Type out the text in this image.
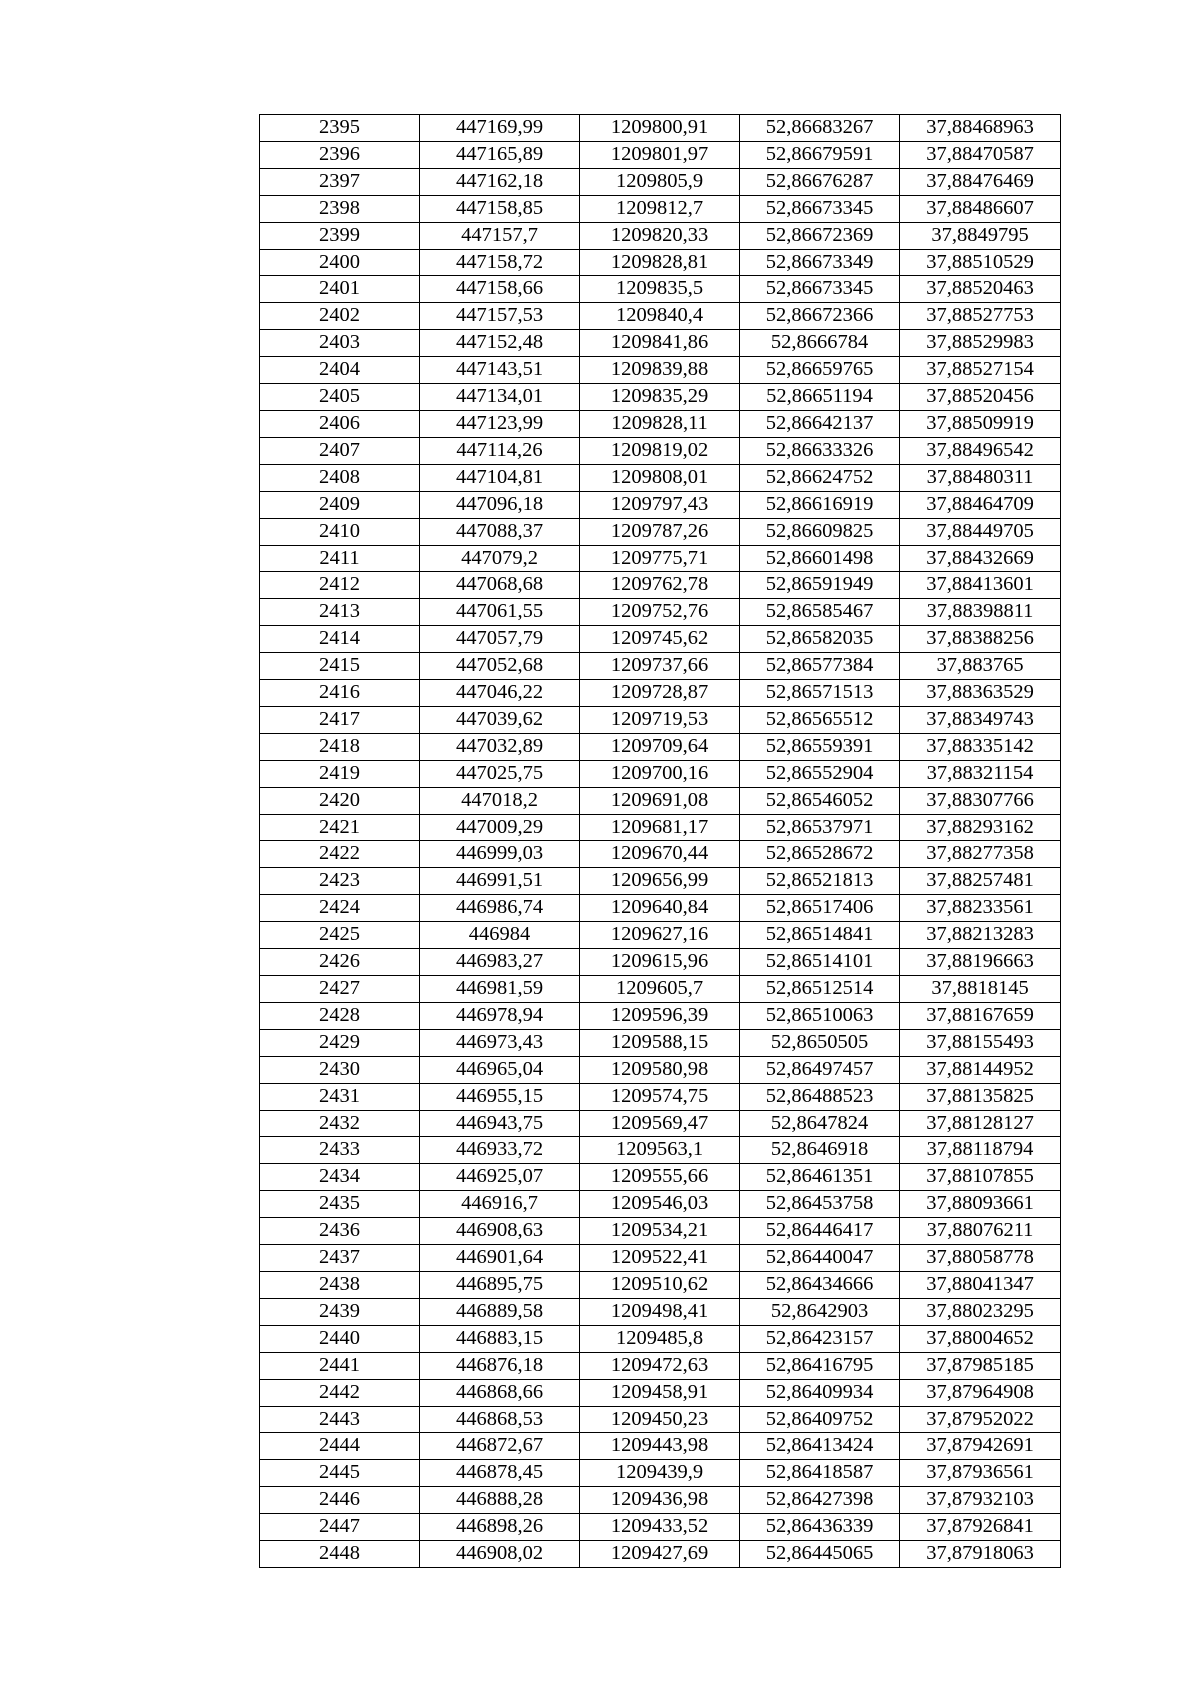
2395	447169,99	1209800,91	52,86683267	37,88468963
2396	447165,89	1209801,97	52,86679591	37,88470587
2397	447162,18	1209805,9	52,86676287	37,88476469
2398	447158,85	1209812,7	52,86673345	37,88486607
2399	447157,7	1209820,33	52,86672369	37,8849795
2400	447158,72	1209828,81	52,86673349	37,88510529
2401	447158,66	1209835,5	52,86673345	37,88520463
2402	447157,53	1209840,4	52,86672366	37,88527753
2403	447152,48	1209841,86	52,8666784	37,88529983
2404	447143,51	1209839,88	52,86659765	37,88527154
2405	447134,01	1209835,29	52,86651194	37,88520456
2406	447123,99	1209828,11	52,86642137	37,88509919
2407	447114,26	1209819,02	52,86633326	37,88496542
2408	447104,81	1209808,01	52,86624752	37,88480311
2409	447096,18	1209797,43	52,86616919	37,88464709
2410	447088,37	1209787,26	52,86609825	37,88449705
2411	447079,2	1209775,71	52,86601498	37,88432669
2412	447068,68	1209762,78	52,86591949	37,88413601
2413	447061,55	1209752,76	52,86585467	37,88398811
2414	447057,79	1209745,62	52,86582035	37,88388256
2415	447052,68	1209737,66	52,86577384	37,883765
2416	447046,22	1209728,87	52,86571513	37,88363529
2417	447039,62	1209719,53	52,86565512	37,88349743
2418	447032,89	1209709,64	52,86559391	37,88335142
2419	447025,75	1209700,16	52,86552904	37,88321154
2420	447018,2	1209691,08	52,86546052	37,88307766
2421	447009,29	1209681,17	52,86537971	37,88293162
2422	446999,03	1209670,44	52,86528672	37,88277358
2423	446991,51	1209656,99	52,86521813	37,88257481
2424	446986,74	1209640,84	52,86517406	37,88233561
2425	446984	1209627,16	52,86514841	37,88213283
2426	446983,27	1209615,96	52,86514101	37,88196663
2427	446981,59	1209605,7	52,86512514	37,8818145
2428	446978,94	1209596,39	52,86510063	37,88167659
2429	446973,43	1209588,15	52,8650505	37,88155493
2430	446965,04	1209580,98	52,86497457	37,88144952
2431	446955,15	1209574,75	52,86488523	37,88135825
2432	446943,75	1209569,47	52,8647824	37,88128127
2433	446933,72	1209563,1	52,8646918	37,88118794
2434	446925,07	1209555,66	52,86461351	37,88107855
2435	446916,7	1209546,03	52,86453758	37,88093661
2436	446908,63	1209534,21	52,86446417	37,88076211
2437	446901,64	1209522,41	52,86440047	37,88058778
2438	446895,75	1209510,62	52,86434666	37,88041347
2439	446889,58	1209498,41	52,8642903	37,88023295
2440	446883,15	1209485,8	52,86423157	37,88004652
2441	446876,18	1209472,63	52,86416795	37,87985185
2442	446868,66	1209458,91	52,86409934	37,87964908
2443	446868,53	1209450,23	52,86409752	37,87952022
2444	446872,67	1209443,98	52,86413424	37,87942691
2445	446878,45	1209439,9	52,86418587	37,87936561
2446	446888,28	1209436,98	52,86427398	37,87932103
2447	446898,26	1209433,52	52,86436339	37,87926841
2448	446908,02	1209427,69	52,86445065	37,87918063
